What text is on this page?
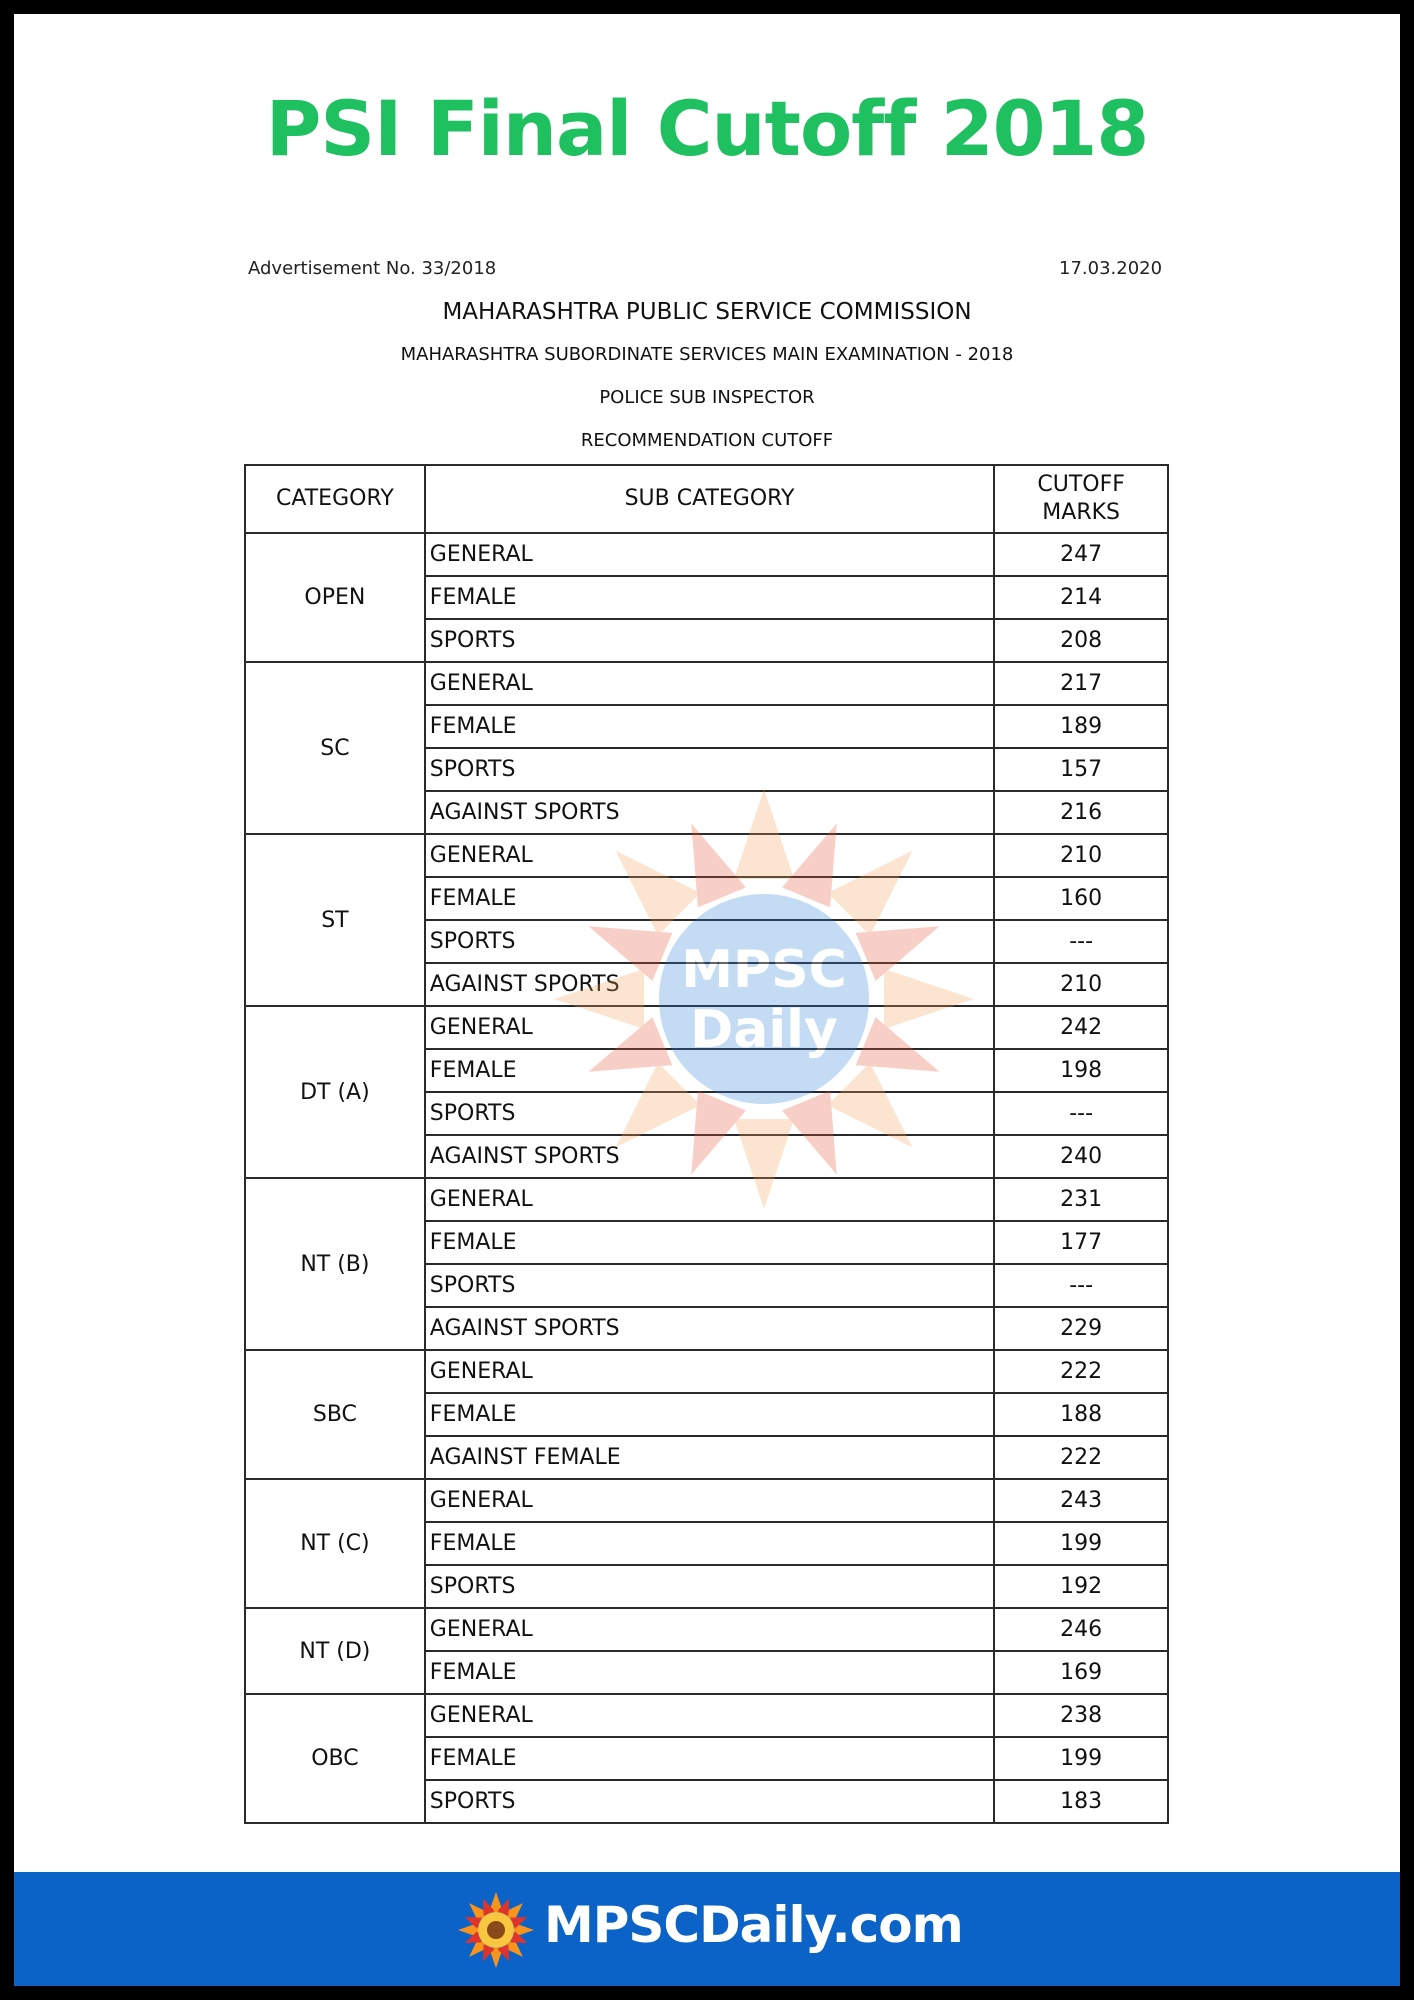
PSI Final Cutoff 2018
Advertisement No. 33/2018	17.03.2020
MAHARASHTRA PUBLIC SERVICE COMMISSION
MAHARASHTRA SUBORDINATE SERVICES MAIN EXAMINATION - 2018
POLICE SUB INSPECTOR
RECOMMENDATION CUTOFF
CATEGORY	SUB CATEGORY	CUTOFF
MARKS
OPEN	GENERAL	247
	FEMALE	214
	SPORTS	208
SC	GENERAL	217
	FEMALE	189
	SPORTS	157
	AGAINST SPORTS	216
ST	GENERAL	210
	FEMALE	160
	SPORTS	---
	AGAINST SPORTS	210
DT (A)	GENERAL	242
	FEMALE	198
	SPORTS	---
	AGAINST SPORTS	240
NT (B)	GENERAL	231
	FEMALE	177
	SPORTS	---
	AGAINST SPORTS	229
SBC	GENERAL	222
	FEMALE	188
	AGAINST FEMALE	222
NT (C)	GENERAL	243
	FEMALE	199
	SPORTS	192
NT (D)	GENERAL	246
	FEMALE	169
OBC	GENERAL	238
	FEMALE	199
	SPORTS	183
MPSC
Daily
MPSCDaily.com
